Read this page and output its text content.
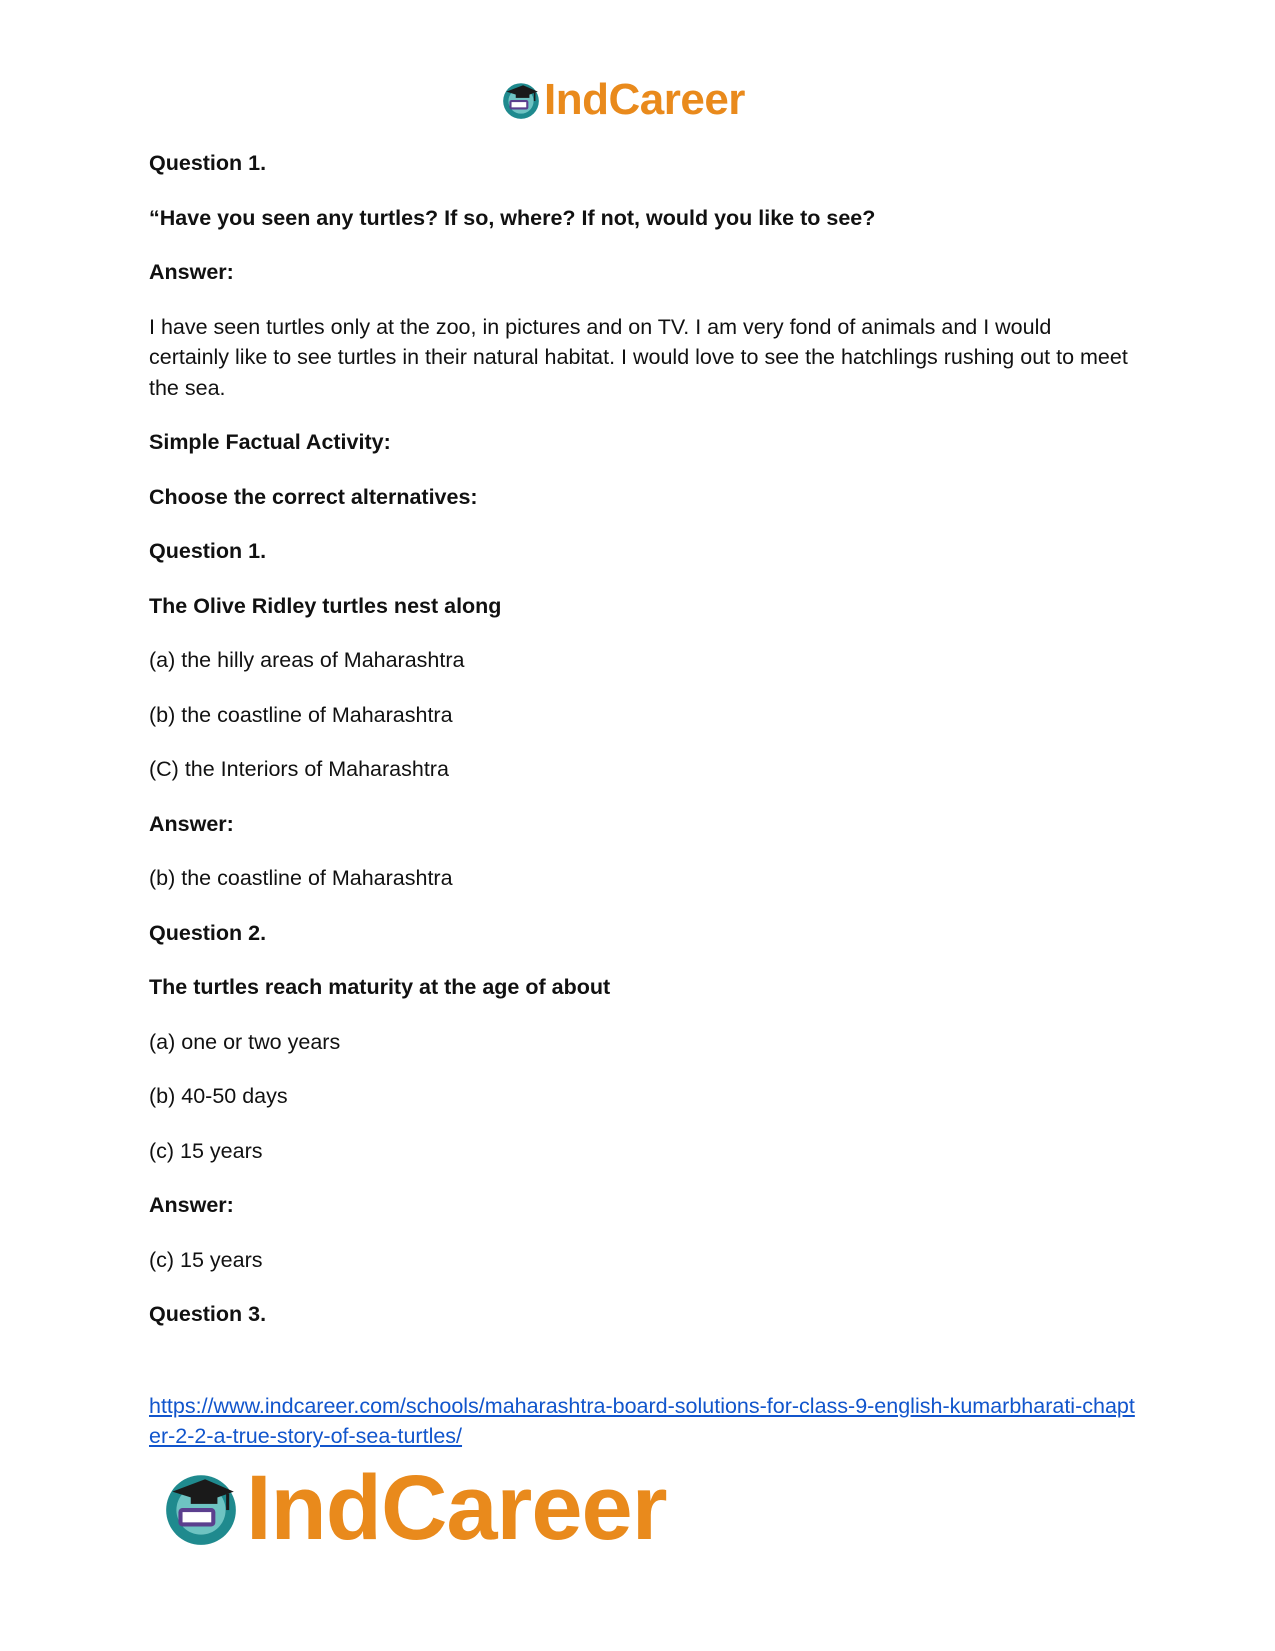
IndCareer

Question 1.

“Have you seen any turtles? If so, where? If not, would you like to see?

Answer:

I have seen turtles only at the zoo, in pictures and on TV. I am very fond of animals and I would certainly like to see turtles in their natural habitat. I would love to see the hatchlings rushing out to meet the sea.

Simple Factual Activity:

Choose the correct alternatives:

Question 1.

The Olive Ridley turtles nest along

(a) the hilly areas of Maharashtra

(b) the coastline of Maharashtra

(C) the Interiors of Maharashtra

Answer:

(b) the coastline of Maharashtra

Question 2.

The turtles reach maturity at the age of about

(a) one or two years

(b) 40-50 days

(c) 15 years

Answer:

(c) 15 years

Question 3.

https://www.indcareer.com/schools/maharashtra-board-solutions-for-class-9-english-kumarbharati-chapter-2-2-a-true-story-of-sea-turtles/
IndCareer
